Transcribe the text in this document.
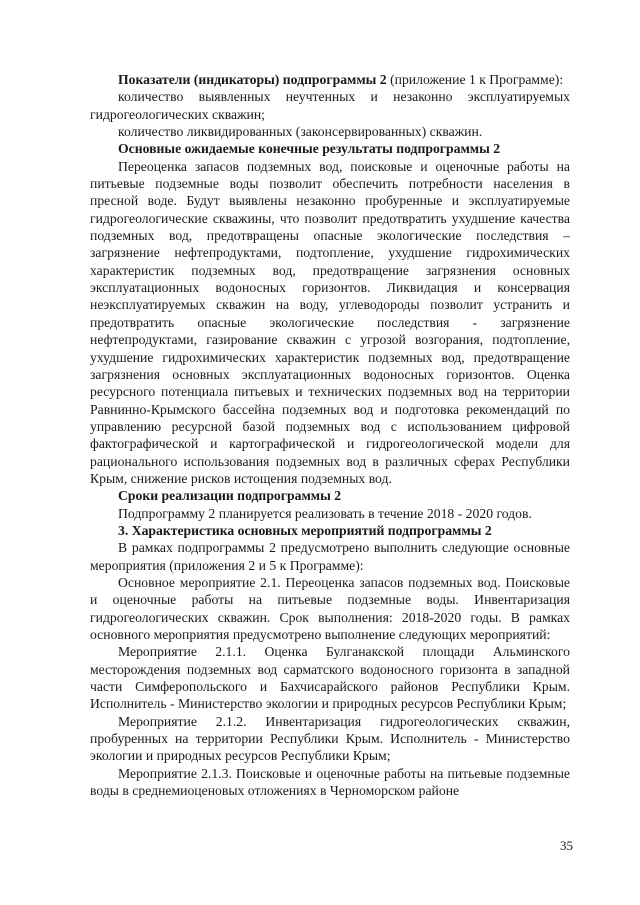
Показатели (индикаторы) подпрограммы 2 (приложение 1 к Программе):

количество выявленных неучтенных и незаконно эксплуатируемых гидрогеологических скважин;

количество ликвидированных (законсервированных) скважин.

Основные ожидаемые конечные результаты подпрограммы 2

Переоценка запасов подземных вод, поисковые и оценочные работы на питьевые подземные воды позволит обеспечить потребности населения в пресной воде. Будут выявлены незаконно пробуренные и эксплуатируемые гидрогеологические скважины, что позволит предотвратить ухудшение качества подземных вод, предотвращены опасные экологические последствия – загрязнение нефтепродуктами, подтопление, ухудшение гидрохимических характеристик подземных вод, предотвращение загрязнения основных эксплуатационных водоносных горизонтов. Ликвидация и консервация неэксплуатируемых скважин на воду, углеводороды позволит устранить и предотвратить опасные экологические последствия - загрязнение нефтепродуктами, газирование скважин с угрозой возгорания, подтопление, ухудшение гидрохимических характеристик подземных вод, предотвращение загрязнения основных эксплуатационных водоносных горизонтов. Оценка ресурсного потенциала питьевых и технических подземных вод на территории Равнинно-Крымского бассейна подземных вод и подготовка рекомендаций по управлению ресурсной базой подземных вод с использованием цифровой фактографической и картографической и гидрогеологической модели для рационального использования подземных вод в различных сферах Республики Крым, снижение рисков истощения подземных вод.

Сроки реализации подпрограммы 2

Подпрограмму 2 планируется реализовать в течение 2018 - 2020 годов.

3. Характеристика основных мероприятий подпрограммы 2

В рамках подпрограммы 2 предусмотрено выполнить следующие основные мероприятия (приложения 2 и 5 к Программе):

Основное мероприятие 2.1. Переоценка запасов подземных вод. Поисковые и оценочные работы на питьевые подземные воды. Инвентаризация гидрогеологических скважин. Срок выполнения: 2018-2020 годы. В рамках основного мероприятия предусмотрено выполнение следующих мероприятий:

Мероприятие 2.1.1. Оценка Булганакской площади Альминского месторождения подземных вод сарматского водоносного горизонта в западной части Симферопольского и Бахчисарайского районов Республики Крым. Исполнитель - Министерство экологии и природных ресурсов Республики Крым;

Мероприятие 2.1.2. Инвентаризация гидрогеологических скважин, пробуренных на территории Республики Крым. Исполнитель - Министерство экологии и природных ресурсов Республики Крым;

Мероприятие 2.1.3. Поисковые и оценочные работы на питьевые подземные воды в среднемиоценовых отложениях в Черноморском районе

35
